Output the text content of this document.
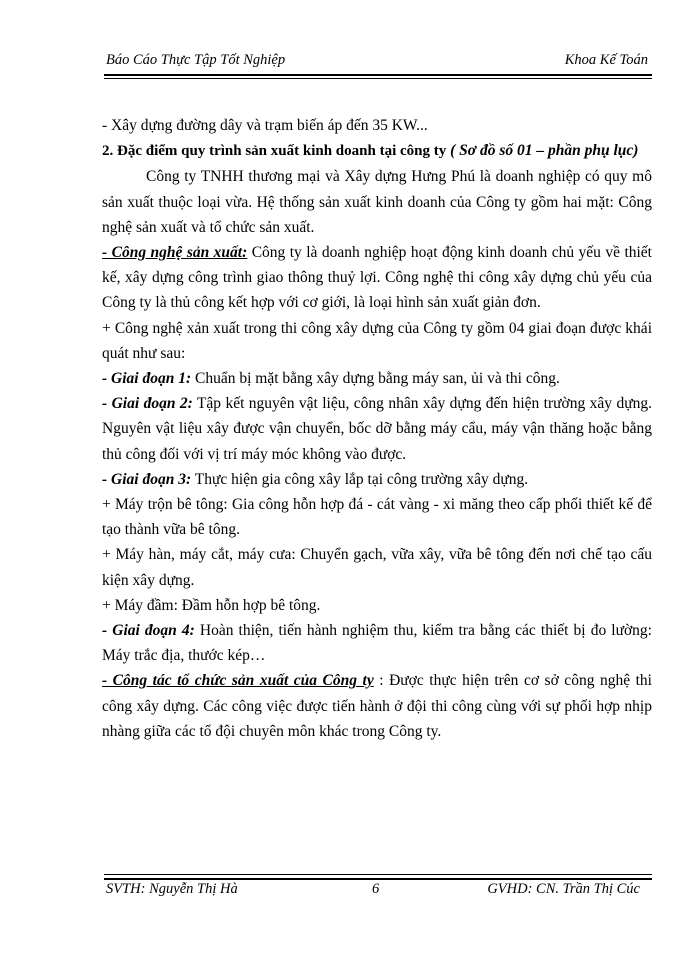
Báo Cáo Thực Tập Tốt Nghiệp	Khoa Kế Toán

- Xây dựng đường dây và trạm biến áp đến 35 KW...

2. Đặc điểm quy trình sản xuất kinh doanh tại công ty ( Sơ đồ số 01 – phần phụ lục)

Công ty TNHH thương mại và Xây dựng Hưng Phú là doanh nghiệp có quy mô sản xuất thuộc loại vừa. Hệ thống sản xuất kinh doanh của Công ty gồm hai mặt: Công nghệ sản xuất và tổ chức sản xuất.

- Công nghệ sản xuất: Công ty là doanh nghiệp hoạt động kinh doanh chủ yếu về thiết kế, xây dựng công trình giao thông thuỷ lợi. Công nghệ thi công xây dựng chủ yếu của Công ty là thủ công kết hợp với cơ giới, là loại hình sản xuất giản đơn.

+ Công nghệ xản xuất trong thi công xây dựng của Công ty gồm 04 giai đoạn được khái quát như sau:

- Giai đoạn 1: Chuẩn bị mặt bằng xây dựng bằng máy san, ủi và thi công.

- Giai đoạn 2: Tập kết nguyên vật liệu, công nhân xây dựng đến hiện trường xây dựng. Nguyên vật liệu xây được vận chuyển, bốc dỡ bằng máy cẩu, máy vận thăng hoặc bằng thủ công đối với vị trí máy móc không vào được.

- Giai đoạn 3: Thực hiện gia công xây lắp tại công trường xây dựng.

+ Máy trộn bê tông: Gia công hỗn hợp đá - cát vàng - xi măng theo cấp phối thiết kế để tạo thành vữa bê tông.

+ Máy hàn, máy cắt, máy cưa: Chuyển gạch, vữa xây, vữa bê tông đến nơi chế tạo cấu kiện xây dựng.

+ Máy đầm: Đầm hỗn hợp bê tông.

- Giai đoạn 4: Hoàn thiện, tiến hành nghiệm thu, kiểm tra bằng các thiết bị đo lường: Máy trắc địa, thước kép…

- Công tác tổ chức sản xuất của Công ty : Được thực hiện trên cơ sở công nghệ thi công xây dựng. Các công việc được tiến hành ở đội thi công cùng với sự phối hợp nhịp nhàng giữa các tổ đội chuyên môn khác trong Công ty.

SVTH: Nguyễn Thị Hà	6	GVHD: CN. Trần Thị Cúc
